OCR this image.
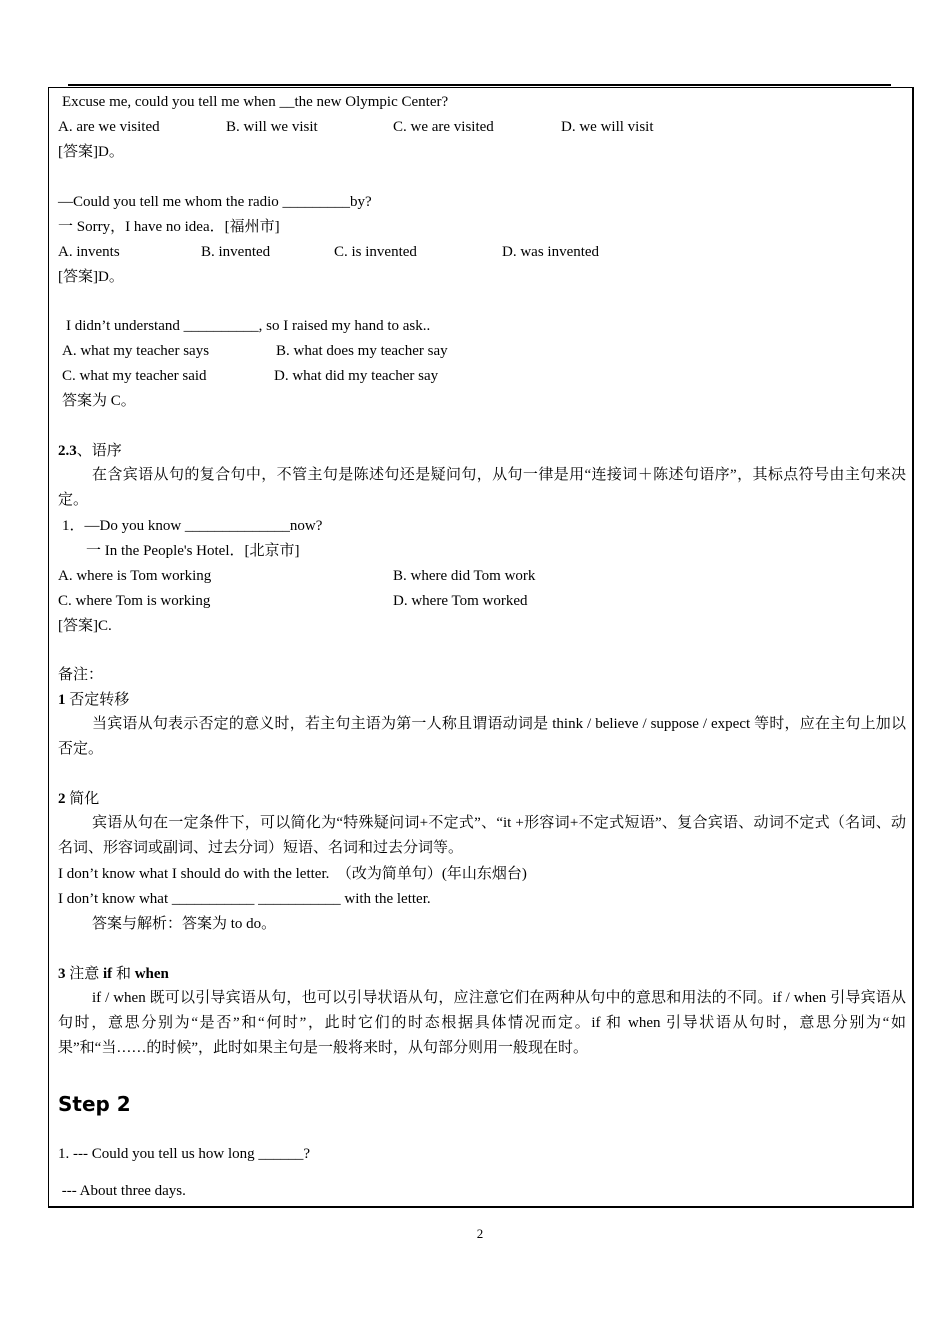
Excuse me, could you tell me when __the new Olympic Center?
A. are we visited	B. will we visit	C. we are visited	D. we will visit
[答案]D。
—Could you tell me whom the radio _________by?
一 Sorry，I have no idea．[福州市]
A. invents	B. invented	C. is invented	D. was invented
[答案]D。
I didn’t understand __________, so I raised my hand to ask..
A. what my teacher says	B. what does my teacher say
C. what my teacher said	D. what did my teacher say
答案为 C。
2.3、语序
在含宾语从句的复合句中，不管主句是陈述句还是疑问句，从句一律是用“连接词＋陈述句语序”，其标点符号由主句来决定。
1．—Do you know ______________now?
一 In the People's Hotel．[北京市]
A. where is Tom working	B. where did Tom work
C. where Tom is working	D. where Tom worked
[答案]C.
备注：
1 否定转移
当宾语从句表示否定的意义时，若主句主语为第一人称且谓语动词是 think / believe / suppose / expect 等时，应在主句上加以否定。
2 简化
宾语从句在一定条件下，可以简化为“特殊疑问词+不定式”、“it +形容词+不定式短语”、复合宾语、动词不定式（名词、动名词、形容词或副词、过去分词）短语、名词和过去分词等。
I don’t know what I should do with the letter.  （改为简单句）(年山东烟台)
I don’t know what ___________ ___________ with the letter.
答案与解析：答案为 to do。
3 注意 if 和 when
if / when 既可以引导宾语从句，也可以引导状语从句，应注意它们在两种从句中的意思和用法的不同。if / when 引导宾语从句时，意思分别为“是否”和“何时”，此时它们的时态根据具体情况而定。if 和 when 引导状语从句时，意思分别为“如果”和“当……的时候”，此时如果主句是一般将来时，从句部分则用一般现在时。
Step 2
1. --- Could you tell us how long ______?
--- About three days.
2
